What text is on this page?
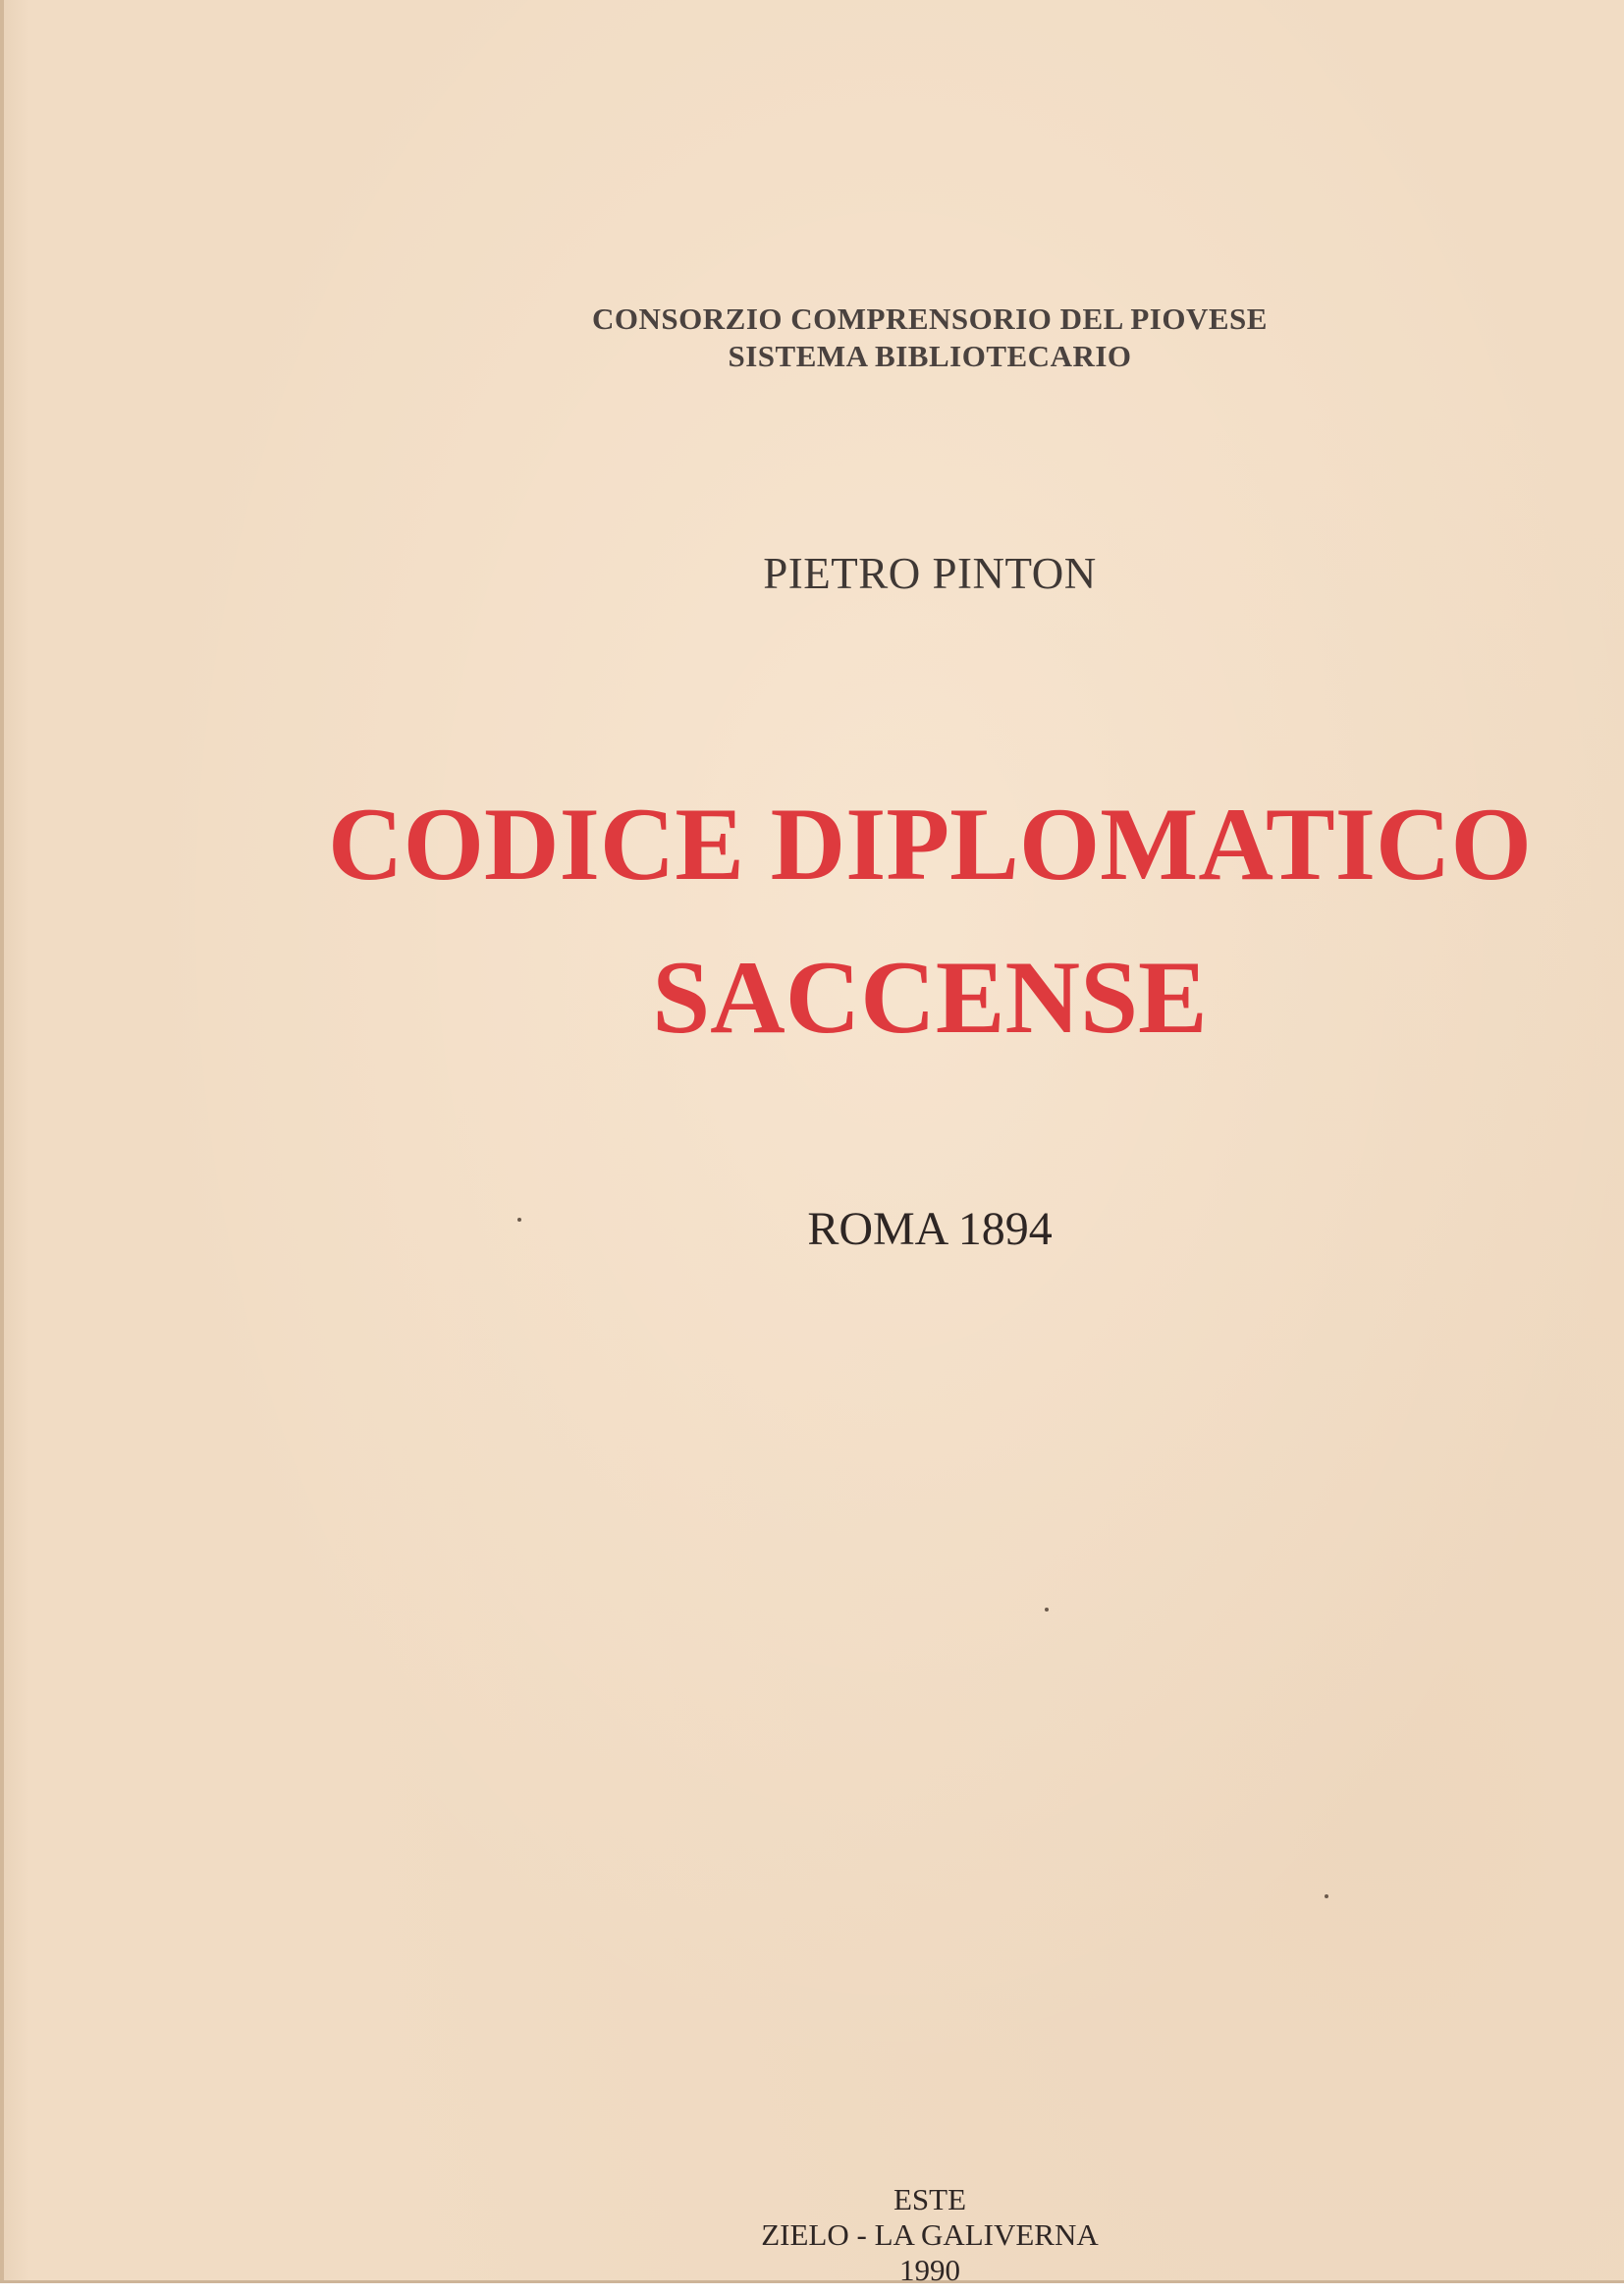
CONSORZIO COMPRENSORIO DEL PIOVESE
SISTEMA BIBLIOTECARIO
PIETRO PINTON
CODICE DIPLOMATICO
SACCENSE
ROMA 1894
ESTE
ZIELO - LA GALIVERNA
1990
